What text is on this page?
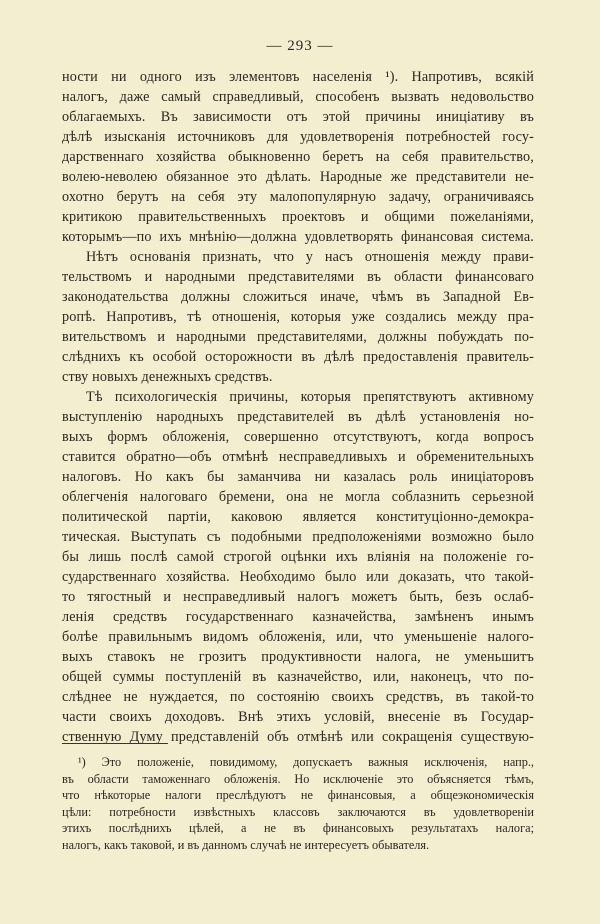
— 293 —
ности ни одного изъ элементовъ населенія ¹). Напротивъ, всякій
налогъ, даже самый справедливый, способенъ вызвать недовольство
облагаемыхъ. Въ зависимости отъ этой причины иниціативу въ
дѣлѣ изысканія источниковъ для удовлетворенія потребностей госу-
дарственнаго хозяйства обыкновенно беретъ на себя правительство,
волею-неволею обязанное это дѣлать. Народные же представители не-
охотно берутъ на себя эту малопопулярную задачу, ограничиваясь
критикою правительственныхъ проектовъ и общими пожеланіями,
которымъ—по ихъ мнѣнію—должна удовлетворять финансовая система.
Нѣтъ основанія признать, что у насъ отношенія между прави-
тельствомъ и народными представителями въ области финансоваго
законодательства должны сложиться иначе, чѣмъ въ Западной Ев-
ропѣ. Напротивъ, тѣ отношенія, которыя уже создались между пра-
вительствомъ и народными представителями, должны побуждать по-
слѣднихъ къ особой осторожности въ дѣлѣ предоставленія правитель-
ству новыхъ денежныхъ средствъ.
Тѣ психологическія причины, которыя препятствуютъ активному
выступленію народныхъ представителей въ дѣлѣ установленія но-
выхъ формъ обложенія, совершенно отсутствуютъ, когда вопросъ
ставится обратно—объ отмѣнѣ несправедливыхъ и обременительныхъ
налоговъ. Но какъ бы заманчива ни казалась роль иниціаторовъ
облегченія налоговаго бремени, она не могла соблазнить серьезной
политической партіи, каковою является конституціонно-демокра-
тическая. Выступать съ подобными предположеніями возможно было
бы лишь послѣ самой строгой оцѣнки ихъ вліянія на положеніе го-
сударственнаго хозяйства. Необходимо было или доказать, что такой-
то тягостный и несправедливый налогъ можетъ быть, безъ ослаб-
ленія средствъ государственнаго казначейства, замѣненъ инымъ
болѣе правильнымъ видомъ обложенія, или, что уменьшеніе налого-
выхъ ставокъ не грозитъ продуктивности налога, не уменьшитъ
общей суммы поступленій въ казначейство, или, наконецъ, что по-
слѣднее не нуждается, по состоянію своихъ средствъ, въ такой-то
части своихъ доходовъ. Внѣ этихъ условій, внесеніе въ Государ-
ственную Думу представленій объ отмѣнѣ или сокращенія существую-
¹) Это положеніе, повидимому, допускаетъ важныя исключенія, напр.,
въ области таможеннаго обложенія. Но исключеніе это объясняется тѣмъ,
что нѣкоторые налоги преслѣдуютъ не финансовыя, а общеэкономическія
цѣли: потребности извѣстныхъ классовъ заключаются въ удовлетвореніи
этихъ послѣднихъ цѣлей, а не въ финансовыхъ результатахъ налога;
налогъ, какъ таковой, и въ данномъ случаѣ не интересуетъ обывателя.
